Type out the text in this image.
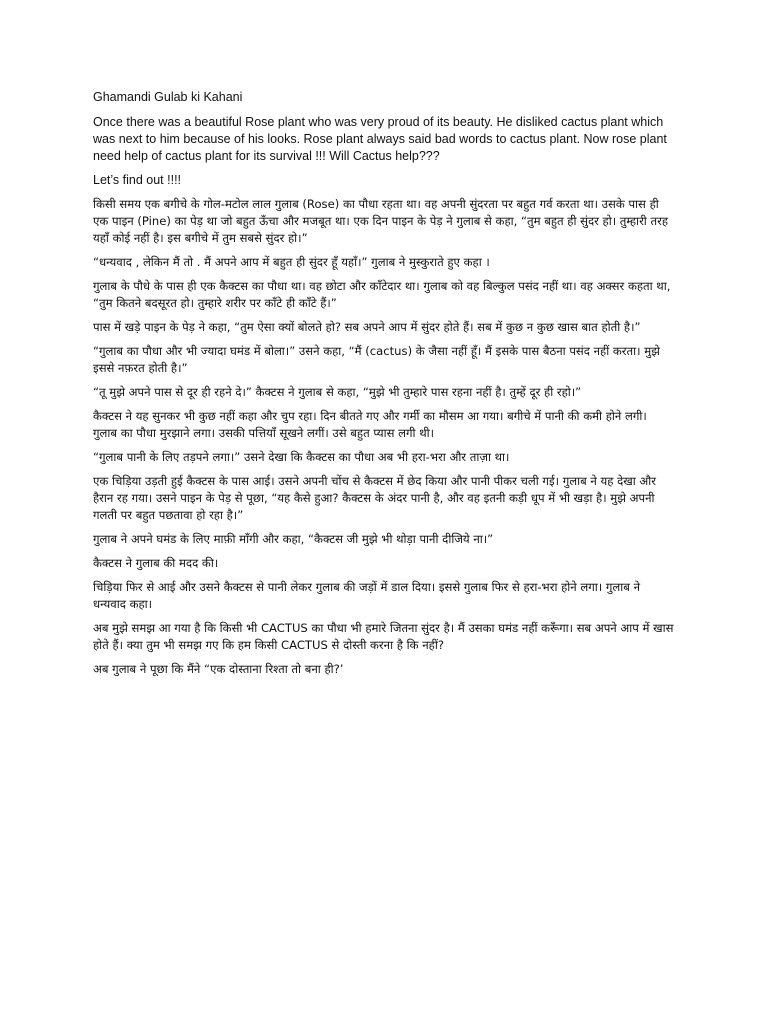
Ghamandi Gulab ki Kahani

Once there was a beautiful Rose plant who was very proud of its beauty. He disliked cactus plant which was next to him because of his looks. Rose plant always said bad words to cactus plant. Now rose plant need help of cactus plant for its survival !!! Will Cactus help???

Let’s find out !!!!

किसी समय एक बगीचे के गोल-मटोल लाल गुलाब (Rose) का पौधा रहता था। वह अपनी सुंदरता पर बहुत गर्व करता था। उसके पास ही एक पाइन (Pine) का पेड़ था जो बहुत ऊँचा और मजबूत था। एक दिन पाइन के पेड़ ने गुलाब से कहा, “तुम बहुत ही सुंदर हो। तुम्हारी तरह यहाँ कोई नहीं है। इस बगीचे में तुम सबसे सुंदर हो।”

“धन्यवाद , लेकिन मैं तो . मैं अपने आप में बहुत ही सुंदर हूँ यहाँ।” गुलाब ने मुस्कुराते हुए कहा ।

गुलाब के पौधे के पास ही एक कैक्टस का पौधा था। वह छोटा और काँटेदार था। गुलाब को वह बिल्कुल पसंद नहीं था। वह अक्सर कहता था, “तुम कितने बदसूरत हो। तुम्हारे शरीर पर काँटे ही काँटे हैं।”

पास में खड़े पाइन के पेड़ ने कहा, “तुम ऐसा क्यों बोलते हो? सब अपने आप में सुंदर होते हैं। सब में कुछ न कुछ खास बात होती है।”

“गुलाब का पौधा और भी ज्यादा घमंड में बोला।” उसने कहा, “मैं (cactus) के जैसा नहीं हूँ। मैं इसके पास बैठना पसंद नहीं करता। मुझे इससे नफ़रत होती है।”

“तू मुझे अपने पास से दूर ही रहने दे।” कैक्टस ने गुलाब से कहा, “मुझे भी तुम्हारे पास रहना नहीं है। तुम्हें दूर ही रहो।”

कैक्टस ने यह सुनकर भी कुछ नहीं कहा और चुप रहा। दिन बीतते गए और गर्मी का मौसम आ गया। बगीचे में पानी की कमी होने लगी। गुलाब का पौधा मुरझाने लगा। उसकी पत्तियाँ सूखने लगीं। उसे बहुत प्यास लगी थी।

“गुलाब पानी के लिए तड़पने लगा।” उसने देखा कि कैक्टस का पौधा अब भी हरा-भरा और ताज़ा था।

एक चिड़िया उड़ती हुई कैक्टस के पास आई। उसने अपनी चोंच से कैक्टस में छेद किया और पानी पीकर चली गई। गुलाब ने यह देखा और हैरान रह गया। उसने पाइन के पेड़ से पूछा, “यह कैसे हुआ? कैक्टस के अंदर पानी है, और वह इतनी कड़ी धूप में भी खड़ा है। मुझे अपनी गलती पर बहुत पछतावा हो रहा है।”

गुलाब ने अपने घमंड के लिए माफ़ी माँगी और कहा, “कैक्टस जी मुझे भी थोड़ा पानी दीजिये ना।”

कैक्टस ने गुलाब की मदद की।

चिड़िया फिर से आई और उसने कैक्टस से पानी लेकर गुलाब की जड़ों में डाल दिया। इससे गुलाब फिर से हरा-भरा होने लगा। गुलाब ने धन्यवाद कहा।

अब मुझे समझ आ गया है कि किसी भी CACTUS का पौधा भी हमारे जितना सुंदर है। मैं उसका घमंड नहीं करूँगा। सब अपने आप में खास होते हैं। क्या तुम भी समझ गए कि हम किसी CACTUS से दोस्ती करना है कि नहीं?

अब गुलाब ने पूछा कि मैंने “एक दोस्ताना रिश्ता तो बना ही?’
